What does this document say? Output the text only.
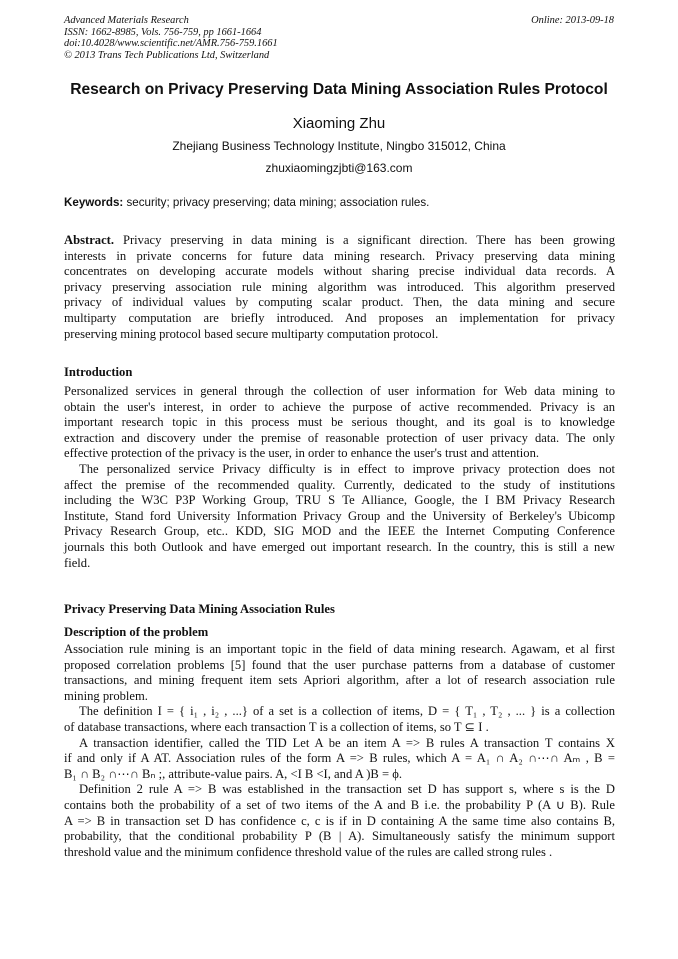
Advanced Materials Research
ISSN: 1662-8985, Vols. 756-759, pp 1661-1664
doi:10.4028/www.scientific.net/AMR.756-759.1661
© 2013 Trans Tech Publications Ltd, Switzerland
Online: 2013-09-18
Research on Privacy Preserving Data Mining Association Rules Protocol
Xiaoming Zhu
Zhejiang Business Technology Institute, Ningbo 315012, China
zhuxiaomingzjbti@163.com
Keywords: security; privacy preserving; data mining; association rules.
Abstract. Privacy preserving in data mining is a significant direction. There has been growing
interests in private concerns for future data mining research. Privacy preserving data mining
concentrates on developing accurate models without sharing precise individual data records. A
privacy preserving association rule mining algorithm was introduced. This algorithm preserved
privacy of individual values by computing scalar product. Then, the data mining and secure
multiparty computation are briefly introduced. And proposes an implementation for privacy
preserving mining protocol based secure multiparty computation protocol.
Introduction
Personalized services in general through the collection of user information for Web data mining to
obtain the user's interest, in order to achieve the purpose of active recommended. Privacy is an
important research topic in this process must be serious thought, and its goal is to knowledge
extraction and discovery under the premise of reasonable protection of user privacy data. The only
effective protection of the privacy is the user, in order to enhance the user's trust and attention.
The personalized service Privacy difficulty is in effect to improve privacy protection does not
affect the premise of the recommended quality. Currently, dedicated to the study of institutions
including the W3C P3P Working Group, TRU S Te Alliance, Google, the I BM Privacy Research
Institute, Stand ford University Information Privacy Group and the University of Berkeley's Ubicomp
Privacy Research Group, etc.. KDD, SIG MOD and the IEEE the Internet Computing Conference
journals this both Outlook and have emerged out important research. In the country, this is still a new
field.
Privacy Preserving Data Mining Association Rules
Description of the problem
Association rule mining is an important topic in the field of data mining research. Agawam, et al first
proposed correlation problems [5] found that the user purchase patterns from a database of customer
transactions, and mining frequent item sets Apriori algorithm, after a lot of research association rule
mining problem.
The definition I = { i₁ , i₂ , ...} of a set is a collection of items, D = { T₁ , T₂ , ... } is a collection
of database transactions, where each transaction T is a collection of items, so T ⊆ I .
A transaction identifier, called the TID Let A be an item A => B rules A transaction T contains X
if and only if A AT. Association rules of the form A => B rules, which A = A₁ ∩ A₂ ∩⋯∩ Aₘ , B =
B₁ ∩ B₂ ∩⋯∩ Bₙ ;, attribute-value pairs. A, <I B <I, and A )B = ϕ.
Definition 2 rule A => B was established in the transaction set D has support s, where s is the D
contains both the probability of a set of two items of the A and B i.e. the probability P (A ∪ B). Rule
A => B in transaction set D has confidence c, c is if in D containing A the same time also contains B,
probability, that the conditional probability P (B | A). Simultaneously satisfy the minimum support
threshold value and the minimum confidence threshold value of the rules are called strong rules .
